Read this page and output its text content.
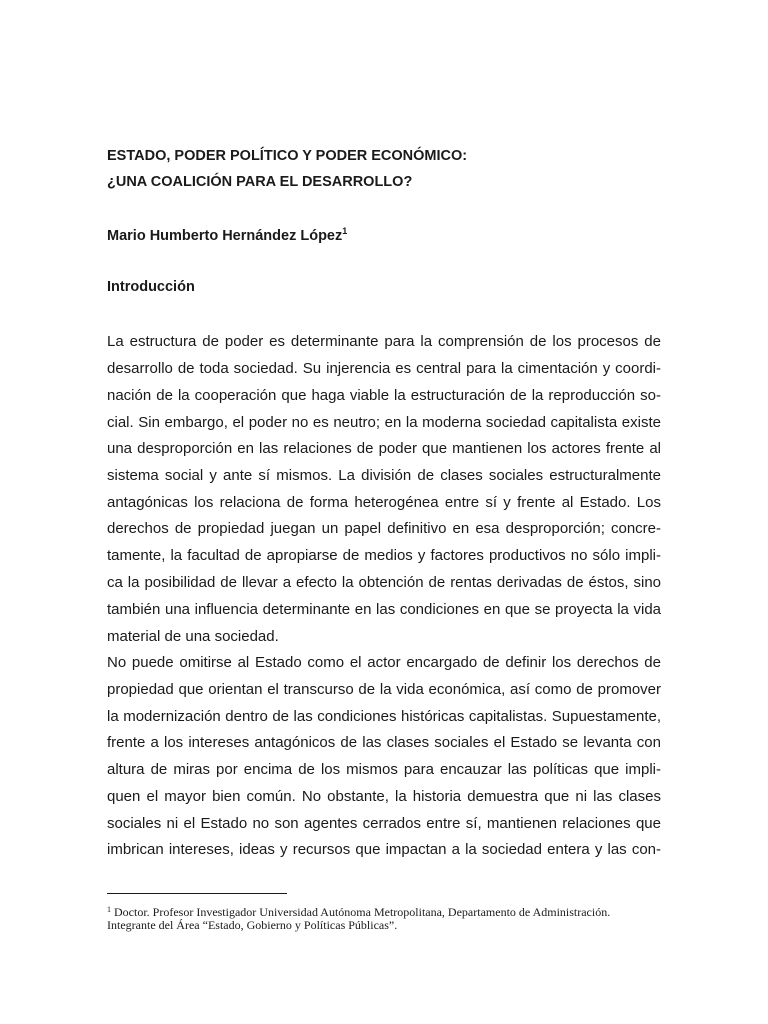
ESTADO, PODER POLÍTICO Y PODER ECONÓMICO:
¿UNA COALICIÓN PARA EL DESARROLLO?
Mario Humberto Hernández López$^1$
Introducción
La estructura de poder es determinante para la comprensión de los procesos de
desarrollo de toda sociedad. Su injerencia es central para la cimentación y coordi-
nación de la cooperación que haga viable la estructuración de la reproducción so-
cial. Sin embargo, el poder no es neutro; en la moderna sociedad capitalista existe
una desproporción en las relaciones de poder que mantienen los actores frente al
sistema social y ante sí mismos. La división de clases sociales estructuralmente
antagónicas los relaciona de forma heterogénea entre sí y frente al Estado. Los
derechos de propiedad juegan un papel definitivo en esa desproporción; concre-
tamente, la facultad de apropiarse de medios y factores productivos no sólo impli-
ca la posibilidad de llevar a efecto la obtención de rentas derivadas de éstos, sino
también una influencia determinante en las condiciones en que se proyecta la vida
material de una sociedad.
No puede omitirse al Estado como el actor encargado de definir los derechos de
propiedad que orientan el transcurso de la vida económica, así como de promover
la modernización dentro de las condiciones históricas capitalistas. Supuestamente,
frente a los intereses antagónicos de las clases sociales el Estado se levanta con
altura de miras por encima de los mismos para encauzar las políticas que impli-
quen el mayor bien común. No obstante, la historia demuestra que ni las clases
sociales ni el Estado no son agentes cerrados entre sí, mantienen relaciones que
imbrican intereses, ideas y recursos que impactan a la sociedad entera y las con-
$^1$ Doctor. Profesor Investigador Universidad Autónoma Metropolitana, Departamento de Administración.
Integrante del Área “Estado, Gobierno y Políticas Públicas”.
